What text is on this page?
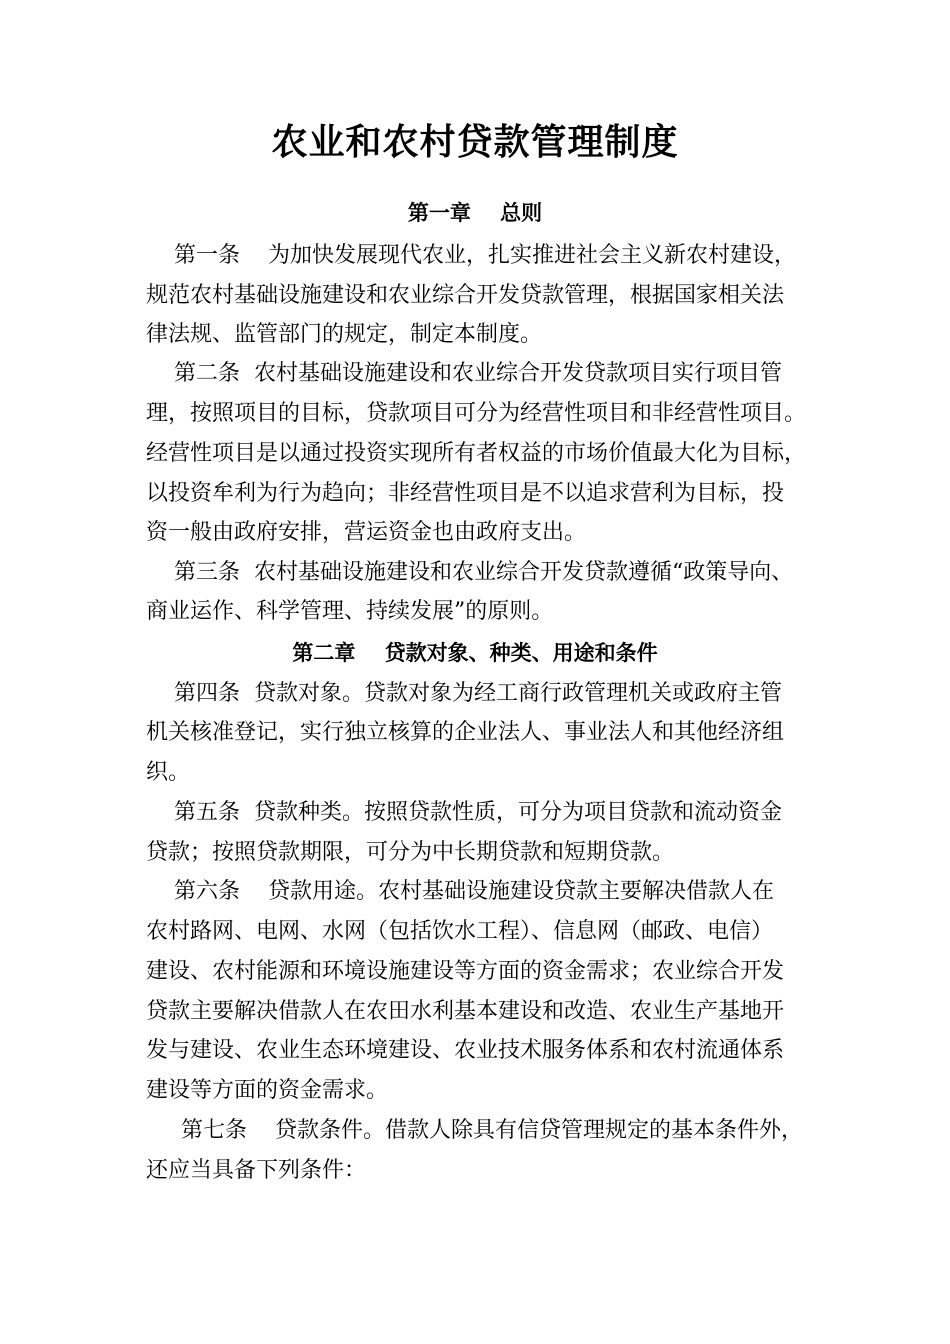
农业和农村贷款管理制度
第一章    总则
第一条    为加快发展现代农业，扎实推进社会主义新农村建设，
规范农村基础设施建设和农业综合开发贷款管理，根据国家相关法
律法规、监管部门的规定，制定本制度。
第二条  农村基础设施建设和农业综合开发贷款项目实行项目管
理，按照项目的目标，贷款项目可分为经营性项目和非经营性项目。
经营性项目是以通过投资实现所有者权益的市场价值最大化为目标，
以投资牟利为行为趋向；非经营性项目是不以追求营利为目标，投
资一般由政府安排，营运资金也由政府支出。
第三条  农村基础设施建设和农业综合开发贷款遵循“政策导向、
商业运作、科学管理、持续发展”的原则。
第二章    贷款对象、种类、用途和条件
第四条  贷款对象。贷款对象为经工商行政管理机关或政府主管
机关核准登记，实行独立核算的企业法人、事业法人和其他经济组
织。
第五条  贷款种类。按照贷款性质，可分为项目贷款和流动资金
贷款；按照贷款期限，可分为中长期贷款和短期贷款。
第六条    贷款用途。农村基础设施建设贷款主要解决借款人在
农村路网、电网、水网（包括饮水工程）、信息网（邮政、电信）
建设、农村能源和环境设施建设等方面的资金需求；农业综合开发
贷款主要解决借款人在农田水利基本建设和改造、农业生产基地开
发与建设、农业生态环境建设、农业技术服务体系和农村流通体系
建设等方面的资金需求。
第七条    贷款条件。借款人除具有信贷管理规定的基本条件外，
还应当具备下列条件：
